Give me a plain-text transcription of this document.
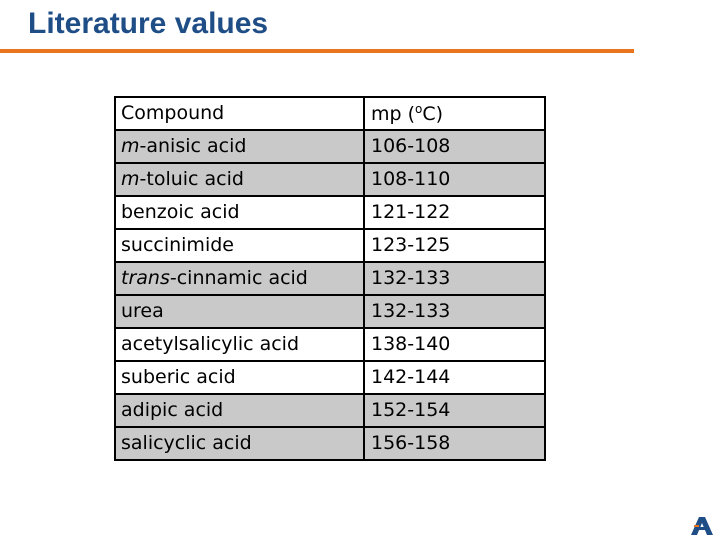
Literature values
Compound	mp ($^o$C)
m-anisic acid	106-108
m-toluic acid	108-110
benzoic acid	121-122
succinimide	123-125
trans-cinnamic acid	132-133
urea	132-133
acetylsalicylic acid	138-140
suberic acid	142-144
adipic acid	152-154
salicyclic acid	156-158
